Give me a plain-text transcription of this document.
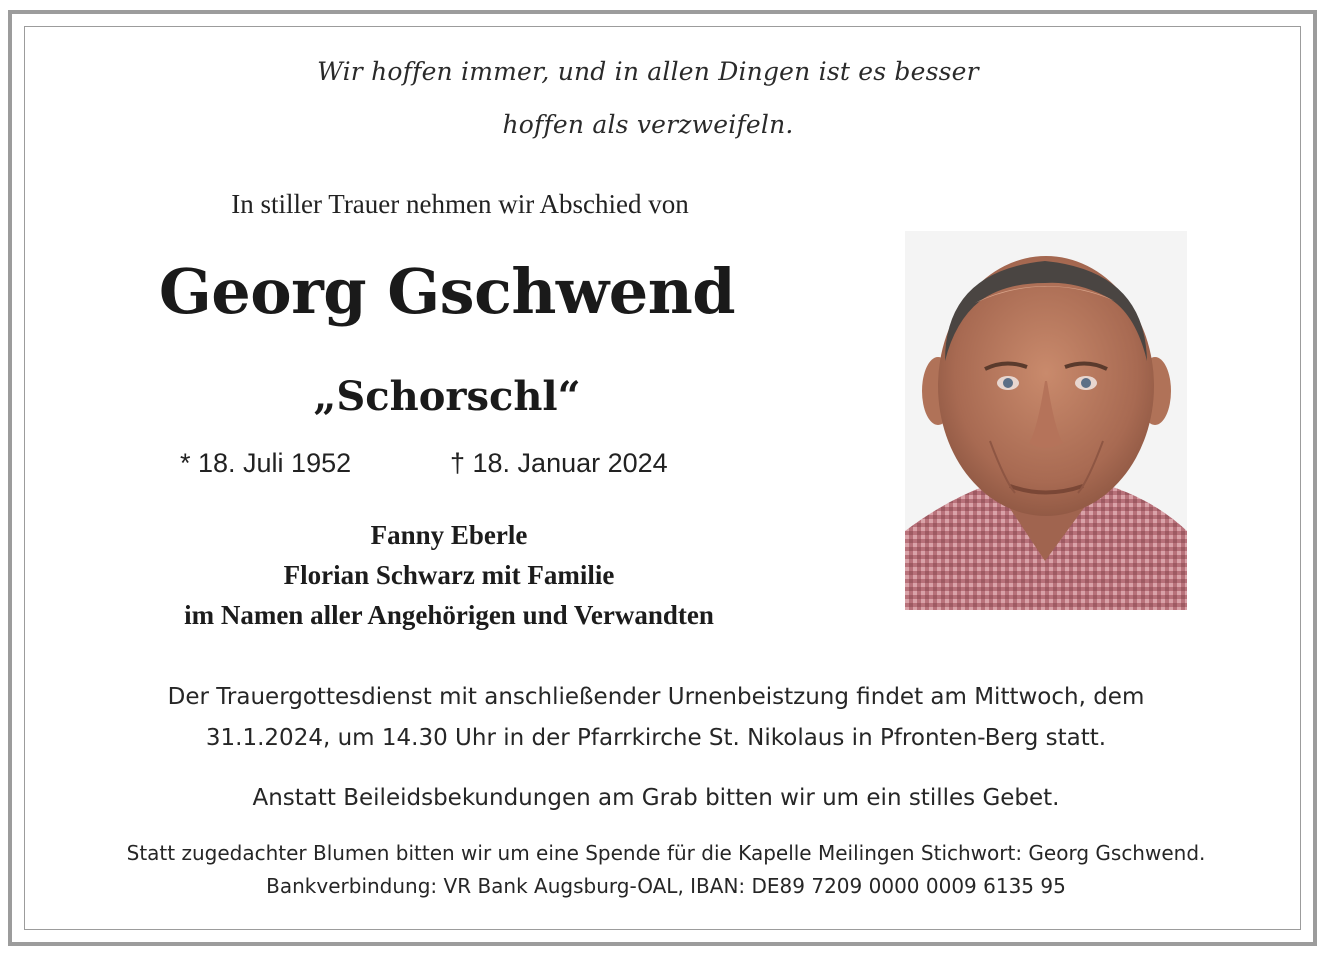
Wir hoffen immer, und in allen Dingen ist es besser
hoffen als verzweifeln.
In stiller Trauer nehmen wir Abschied von
Georg Gschwend
„Schorschl“
* 18. Juli 1952	† 18. Januar 2024
Fanny Eberle
Florian Schwarz mit Familie
im Namen aller Angehörigen und Verwandten
Der Trauergottesdienst mit anschließender Urnenbeistzung findet am Mittwoch, dem
31.1.2024, um 14.30 Uhr in der Pfarrkirche St. Nikolaus in Pfronten-Berg statt.
Anstatt Beileidsbekundungen am Grab bitten wir um ein stilles Gebet.
Statt zugedachter Blumen bitten wir um eine Spende für die Kapelle Meilingen Stichwort: Georg Gschwend.
Bankverbindung: VR Bank Augsburg-OAL, IBAN: DE89 7209 0000 0009 6135 95
